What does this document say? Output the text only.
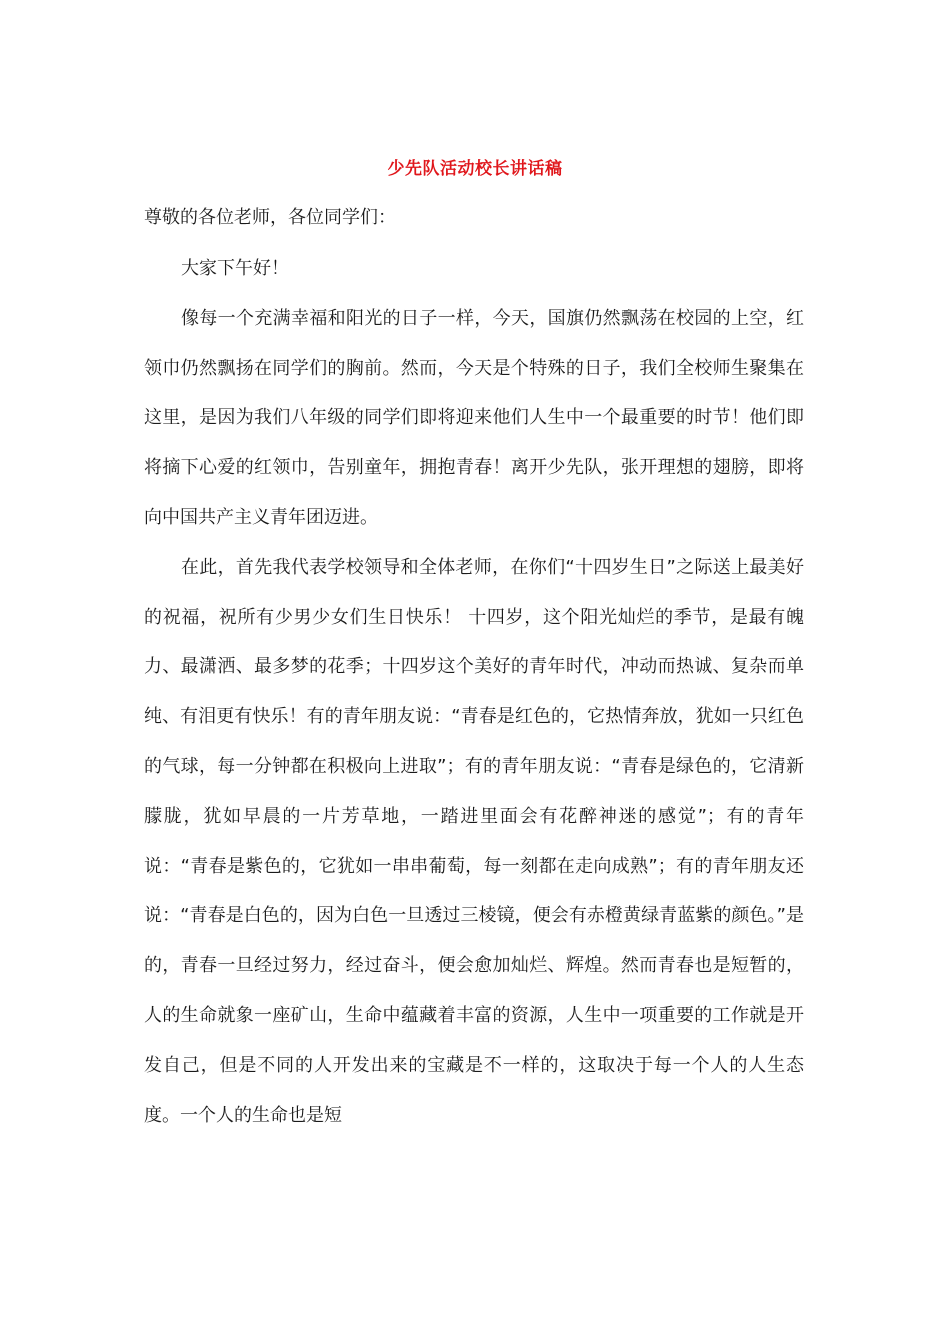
少先队活动校长讲话稿
尊敬的各位老师，各位同学们：

大家下午好！

像每一个充满幸福和阳光的日子一样，今天，国旗仍然飘荡在校园的上空，红领巾仍然飘扬在同学们的胸前。然而，今天是个特殊的日子，我们全校师生聚集在这里，是因为我们八年级的同学们即将迎来他们人生中一个最重要的时节！他们即将摘下心爱的红领巾，告别童年，拥抱青春！离开少先队，张开理想的翅膀，即将向中国共产主义青年团迈进。

在此，首先我代表学校领导和全体老师，在你们“十四岁生日”之际送上最美好的祝福，祝所有少男少女们生日快乐！ 十四岁，这个阳光灿烂的季节，是最有魄力、最潇洒、最多梦的花季；十四岁这个美好的青年时代，冲动而热诚、复杂而单纯、有泪更有快乐！有的青年朋友说：“青春是红色的，它热情奔放，犹如一只红色的气球，每一分钟都在积极向上进取”；有的青年朋友说：“青春是绿色的，它清新朦胧，犹如早晨的一片芳草地，一踏进里面会有花醉神迷的感觉”；有的青年说：“青春是紫色的，它犹如一串串葡萄，每一刻都在走向成熟”；有的青年朋友还说：“青春是白色的，因为白色一旦透过三棱镜，便会有赤橙黄绿青蓝紫的颜色。”是的，青春一旦经过努力，经过奋斗，便会愈加灿烂、辉煌。然而青春也是短暂的，人的生命就象一座矿山，生命中蕴藏着丰富的资源，人生中一项重要的工作就是开发自己，但是不同的人开发出来的宝藏是不一样的，这取决于每一个人的人生态度。一个人的生命也是短
